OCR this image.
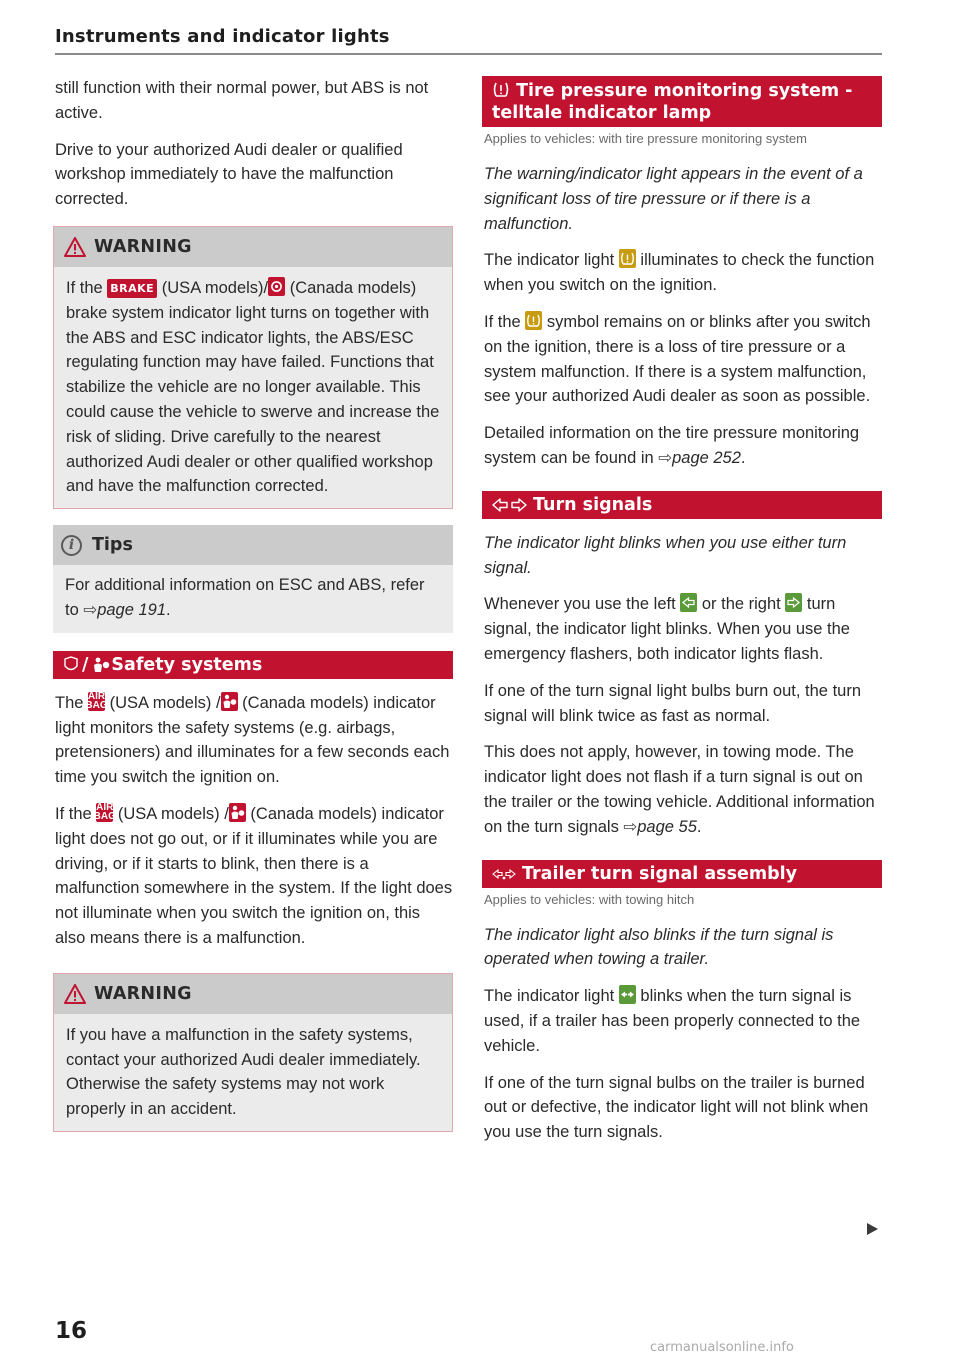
Instruments and indicator lights

still function with their normal power, but ABS is not active.

Drive to your authorized Audi dealer or qualified workshop immediately to have the malfunction corrected.

WARNING

If the BRAKE (USA models)/
(Canada models) brake system indicator light turns on together with the ABS and ESC indicator lights, the ABS/ESC regulating function may have failed. Functions that stabilize the vehicle are no longer available. This could cause the vehicle to swerve and increase the risk of sliding. Drive carefully to the nearest authorized Audi dealer or other qualified workshop and have the malfunction corrected.

i	Tips

For additional information on ESC and ABS, refer to ⇨page 191.

/ Safety systems

The AIR BAG
(USA models) /
(Canada models) indicator light monitors the safety systems (e.g. airbags, pretensioners) and illuminates for a few seconds each time you switch the ignition on.

If the AIR BAG
(USA models) /
(Canada models) indicator light does not go out, or if it illuminates while you are driving, or if it starts to blink, then there is a malfunction somewhere in the system. If the light does not illuminate when you switch the ignition on, this also means there is a malfunction.

WARNING

If you have a malfunction in the safety systems, contact your authorized Audi dealer immediately. Otherwise the safety systems may not work properly in an accident.

Tire pressure monitoring system - telltale indicator lamp
Applies to vehicles: with tire pressure monitoring system

The warning/indicator light appears in the event of a significant loss of tire pressure or if there is a malfunction.

The indicator light
illuminates to check the function when you switch on the ignition.

If the
symbol remains on or blinks after you switch on the ignition, there is a loss of tire pressure or a system malfunction. If there is a system malfunction, see your authorized Audi dealer as soon as possible.

Detailed information on the tire pressure monitoring system can be found in ⇨page 252.

Turn signals

The indicator light blinks when you use either turn signal.

Whenever you use the left
or the right
turn signal, the indicator light blinks. When you use the emergency flashers, both indicator lights flash.

If one of the turn signal light bulbs burn out, the turn signal will blink twice as fast as normal.

This does not apply, however, in towing mode. The indicator light does not flash if a turn signal is out on the trailer or the towing vehicle. Additional information on the turn signals ⇨page 55.

Trailer turn signal assembly
Applies to vehicles: with towing hitch

The indicator light also blinks if the turn signal is operated when towing a trailer.

The indicator light
blinks when the turn signal is used, if a trailer has been properly connected to the vehicle.

If one of the turn signal bulbs on the trailer is burned out or defective, the indicator light will not blink when you use the turn signals.

16
carmanualsonline.info
